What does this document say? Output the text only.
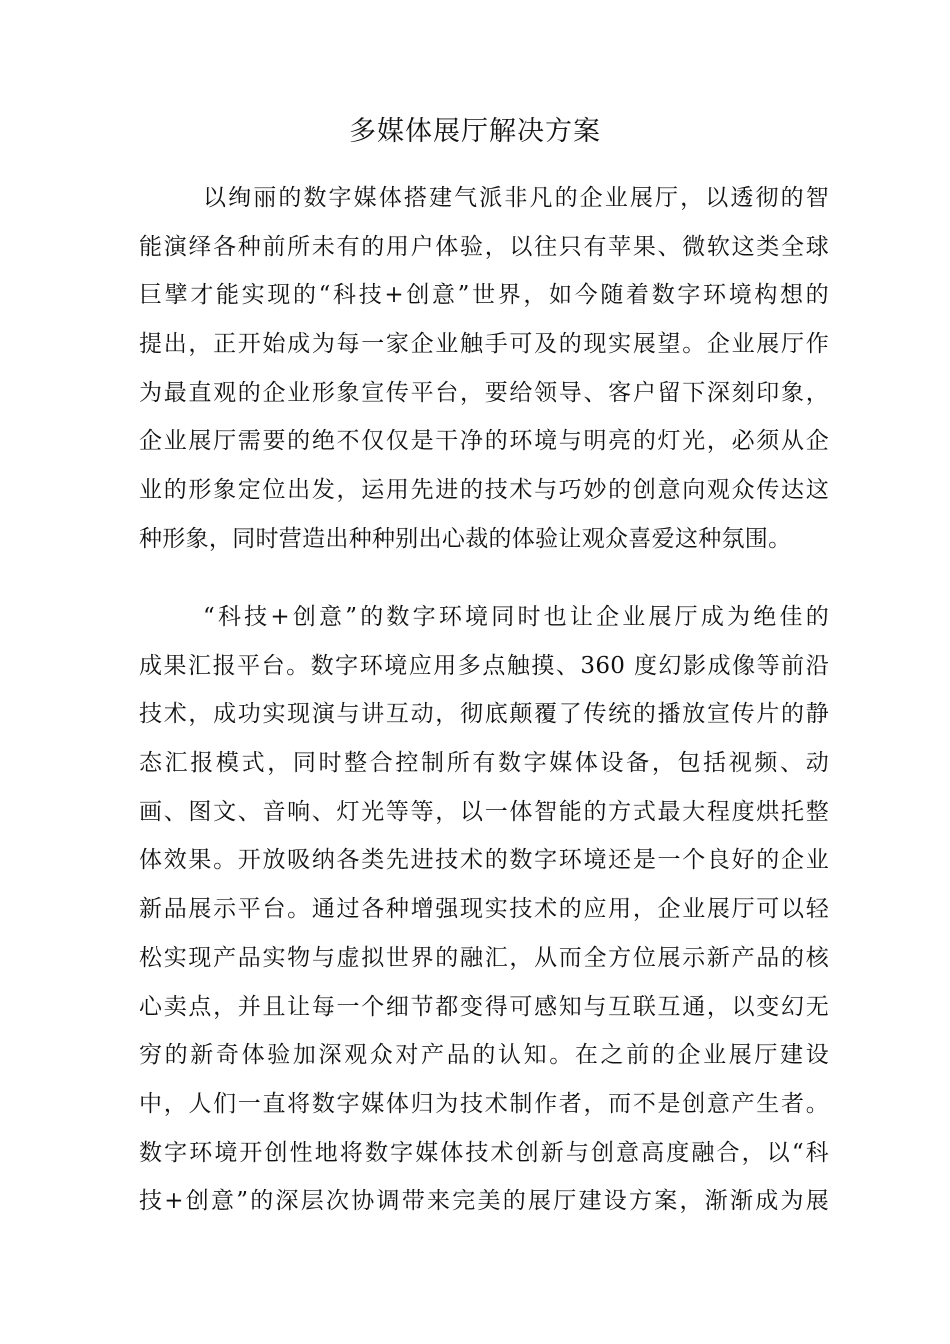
多媒体展厅解决方案
以绚丽的数字媒体搭建气派非凡的企业展厅，以透彻的智
能演绎各种前所未有的用户体验，以往只有苹果、微软这类全球
巨擘才能实现的“科技+创意”世界，如今随着数字环境构想的
提出，正开始成为每一家企业触手可及的现实展望。企业展厅作
为最直观的企业形象宣传平台，要给领导、客户留下深刻印象，
企业展厅需要的绝不仅仅是干净的环境与明亮的灯光，必须从企
业的形象定位出发，运用先进的技术与巧妙的创意向观众传达这
种形象，同时营造出种种别出心裁的体验让观众喜爱这种氛围。
“科技+创意”的数字环境同时也让企业展厅成为绝佳的
成果汇报平台。数字环境应用多点触摸、360 度幻影成像等前沿
技术，成功实现演与讲互动，彻底颠覆了传统的播放宣传片的静
态汇报模式，同时整合控制所有数字媒体设备，包括视频、动
画、图文、音响、灯光等等，以一体智能的方式最大程度烘托整
体效果。开放吸纳各类先进技术的数字环境还是一个良好的企业
新品展示平台。通过各种增强现实技术的应用，企业展厅可以轻
松实现产品实物与虚拟世界的融汇，从而全方位展示新产品的核
心卖点，并且让每一个细节都变得可感知与互联互通，以变幻无
穷的新奇体验加深观众对产品的认知。在之前的企业展厅建设
中，人们一直将数字媒体归为技术制作者，而不是创意产生者。
数字环境开创性地将数字媒体技术创新与创意高度融合，以“科
技+创意”的深层次协调带来完美的展厅建设方案，渐渐成为展
